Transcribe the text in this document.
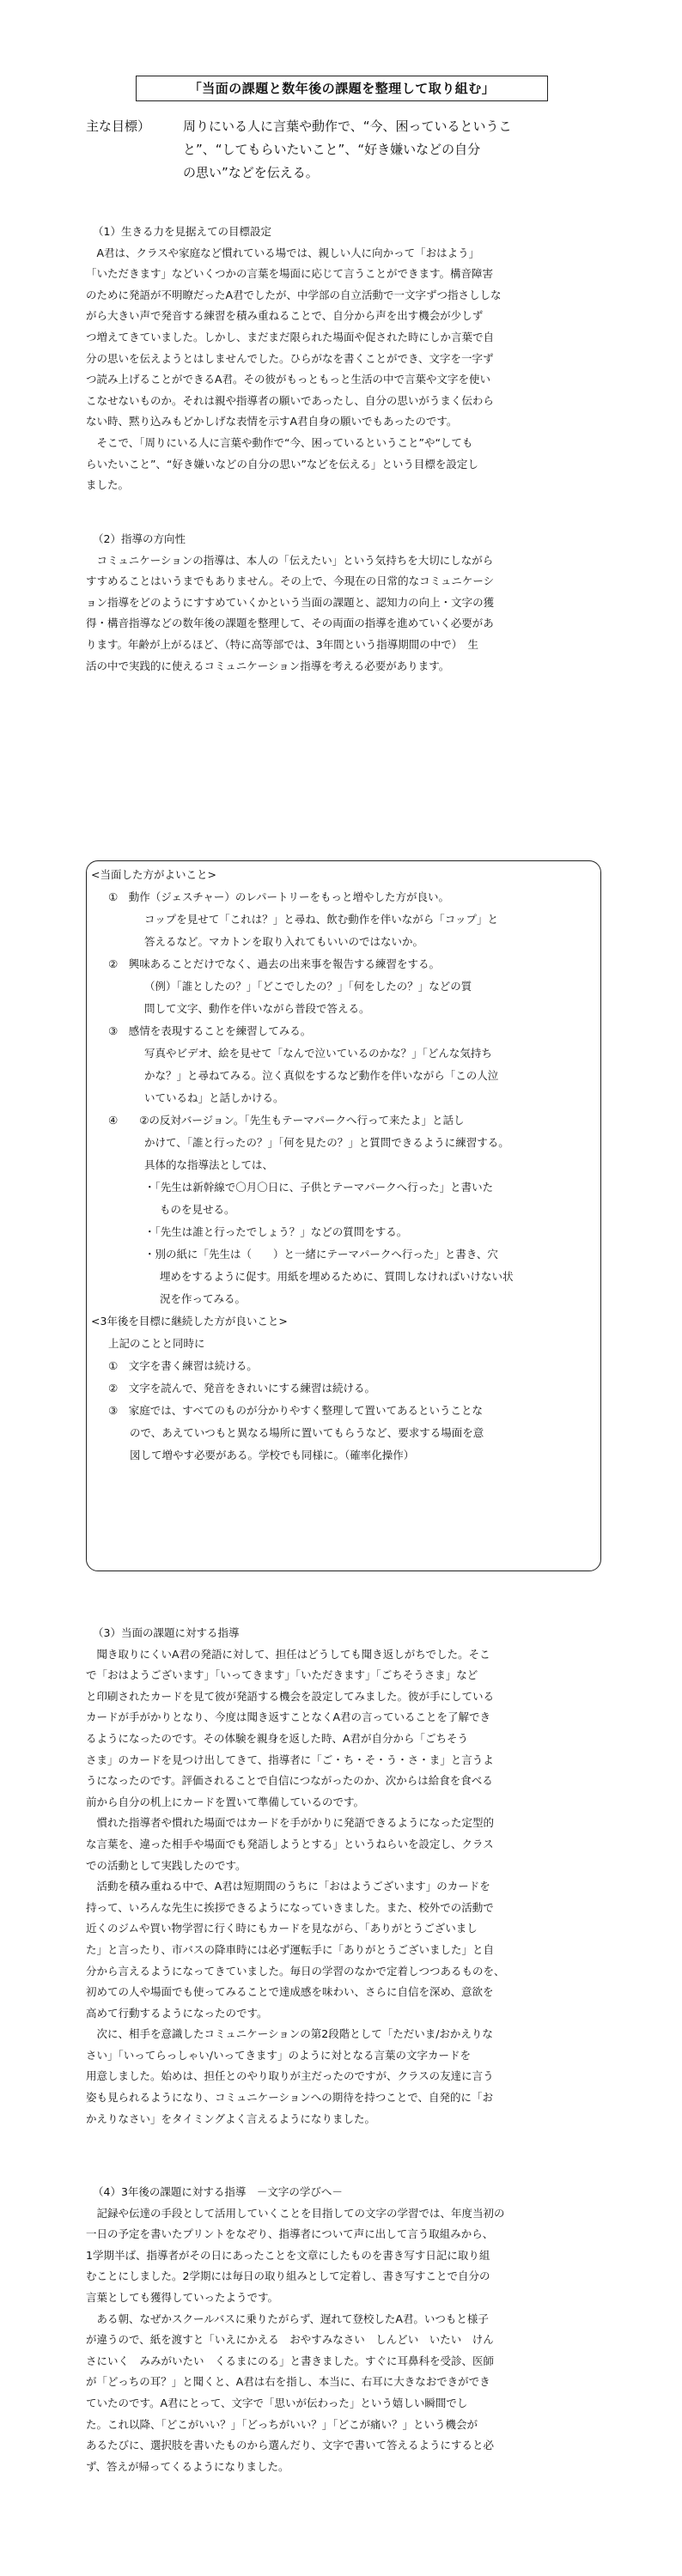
「当面の課題と数年後の課題を整理して取り組む」
主な目標）	周りにいる人に言葉や動作で、“今、困っているというこ
と”、“してもらいたいこと”、“好き嫌いなどの自分
の思い”などを伝える。
（1）生きる力を見据えての目標設定
　A君は、クラスや家庭など慣れている場では、親しい人に向かって「おはよう」
「いただきます」などいくつかの言葉を場面に応じて言うことができます。構音障害
のために発語が不明瞭だったA君でしたが、中学部の自立活動で一文字ずつ指さししな
がら大きい声で発音する練習を積み重ねることで、自分から声を出す機会が少しず
つ増えてきていました。しかし、まだまだ限られた場面や促された時にしか言葉で自
分の思いを伝えようとはしませんでした。ひらがなを書くことができ、文字を一字ず
つ読み上げることができるA君。その彼がもっともっと生活の中で言葉や文字を使い
こなせないものか。それは親や指導者の願いであったし、自分の思いがうまく伝わら
ない時、黙り込みもどかしげな表情を示すA君自身の願いでもあったのです。
　そこで、「周りにいる人に言葉や動作で“今、困っているということ”や“しても
らいたいこと”、“好き嫌いなどの自分の思い”などを伝える」という目標を設定し
ました。
（2）指導の方向性
　コミュニケーションの指導は、本人の「伝えたい」という気持ちを大切にしながら
すすめることはいうまでもありません。その上で、今現在の日常的なコミュニケーシ
ョン指導をどのようにすすめていくかという当面の課題と、認知力の向上・文字の獲
得・構音指導などの数年後の課題を整理して、その両面の指導を進めていく必要があ
ります。年齢が上がるほど、（特に高等部では、3年間という指導期間の中で）　生
活の中で実践的に使えるコミュニケーション指導を考える必要があります。
<当面した方がよいこと>
①　動作（ジェスチャー）のレパートリーをもっと増やした方が良い。
コップを見せて「これは？」と尋ね、飲む動作を伴いながら「コップ」と
答えるなど。マカトンを取り入れてもいいのではないか。
②　興味あることだけでなく、過去の出来事を報告する練習をする。
（例）「誰としたの？」「どこでしたの？」「何をしたの？」などの質
問して文字、動作を伴いながら普段で答える。
③　感情を表現することを練習してみる。
写真やビデオ、絵を見せて「なんで泣いているのかな？」「どんな気持ち
かな？」と尋ねてみる。泣く真似をするなど動作を伴いながら「この人泣
いているね」と話しかける。
④　　②の反対バージョン。「先生もテーマパークへ行って来たよ」と話し
かけて、「誰と行ったの？」「何を見たの？」と質問できるように練習する。
具体的な指導法としては、
・「先生は新幹線で〇月〇日に、子供とテーマパークへ行った」と書いた
ものを見せる。
・「先生は誰と行ったでしょう？」などの質問をする。
・別の紙に「先生は（　　）と一緒にテーマパークへ行った」と書き、穴
埋めをするように促す。用紙を埋めるために、質問しなければいけない状
況を作ってみる。
<3年後を目標に継続した方が良いこと>
上記のことと同時に
①　文字を書く練習は続ける。
②　文字を読んで、発音をきれいにする練習は続ける。
③　家庭では、すべてのものが分かりやすく整理して置いてあるということな
　　ので、あえていつもと異なる場所に置いてもらうなど、要求する場面を意
　　図して増やす必要がある。学校でも同様に。（確率化操作）
（3）当面の課題に対する指導
　聞き取りにくいA君の発語に対して、担任はどうしても聞き返しがちでした。そこ
で「おはようございます」「いってきます」「いただきます」「ごちそうさま」など
と印刷されたカードを見て彼が発語する機会を設定してみました。彼が手にしている
カードが手がかりとなり、今度は聞き返すことなくA君の言っていることを了解でき
るようになったのです。その体験を親身を返した時、A君が自分から「ごちそう
さま」のカードを見つけ出してきて、指導者に「ご・ち・そ・う・さ・ま」と言うよ
うになったのです。評価されることで自信につながったのか、次からは給食を食べる
前から自分の机上にカードを置いて準備しているのです。
　慣れた指導者や慣れた場面ではカードを手がかりに発語できるようになった定型的
な言葉を、違った相手や場面でも発語しようとする」というねらいを設定し、クラス
での活動として実践したのです。
　活動を積み重ねる中で、A君は短期間のうちに「おはようございます」のカードを
持って、いろんな先生に挨拶できるようになっていきました。また、校外での活動で
近くのジムや買い物学習に行く時にもカードを見ながら、「ありがとうございまし
た」と言ったり、市バスの降車時には必ず運転手に「ありがとうございました」と自
分から言えるようになってきていました。毎日の学習のなかで定着しつつあるものを、
初めての人や場面でも使ってみることで達成感を味わい、さらに自信を深め、意欲を
高めて行動するようになったのです。
　次に、相手を意識したコミュニケーションの第2段階として「ただいま/おかえりな
さい」「いってらっしゃい/いってきます」のように対となる言葉の文字カードを
用意しました。始めは、担任とのやり取りが主だったのですが、クラスの友達に言う
姿も見られるようになり、コミュニケーションへの期待を持つことで、自発的に「お
かえりなさい」をタイミングよく言えるようになりました。
（4）3年後の課題に対する指導　－文字の学びへ－
　記録や伝達の手段として活用していくことを目指しての文字の学習では、年度当初の
一日の予定を書いたプリントをなぞり、指導者について声に出して言う取組みから、
1学期半ば、指導者がその日にあったことを文章にしたものを書き写す日記に取り組
むことにしました。2学期には毎日の取り組みとして定着し、書き写すことで自分の
言葉としても獲得していったようです。
　ある朝、なぜかスクールバスに乗りたがらず、遅れて登校したA君。いつもと様子
が違うので、紙を渡すと「いえにかえる　おやすみなさい　しんどい　いたい　けん
さにいく　みみがいたい　くるまにのる」と書きました。すぐに耳鼻科を受診、医師
が「どっちの耳？」と聞くと、A君は右を指し、本当に、右耳に大きなおできができ
ていたのです。A君にとって、文字で「思いが伝わった」という嬉しい瞬間でし
た。これ以降、「どこがいい？」「どっちがいい？」「どこが痛い？」という機会が
あるたびに、選択肢を書いたものから選んだり、文字で書いて答えるようにすると必
ず、答えが帰ってくるようになりました。
